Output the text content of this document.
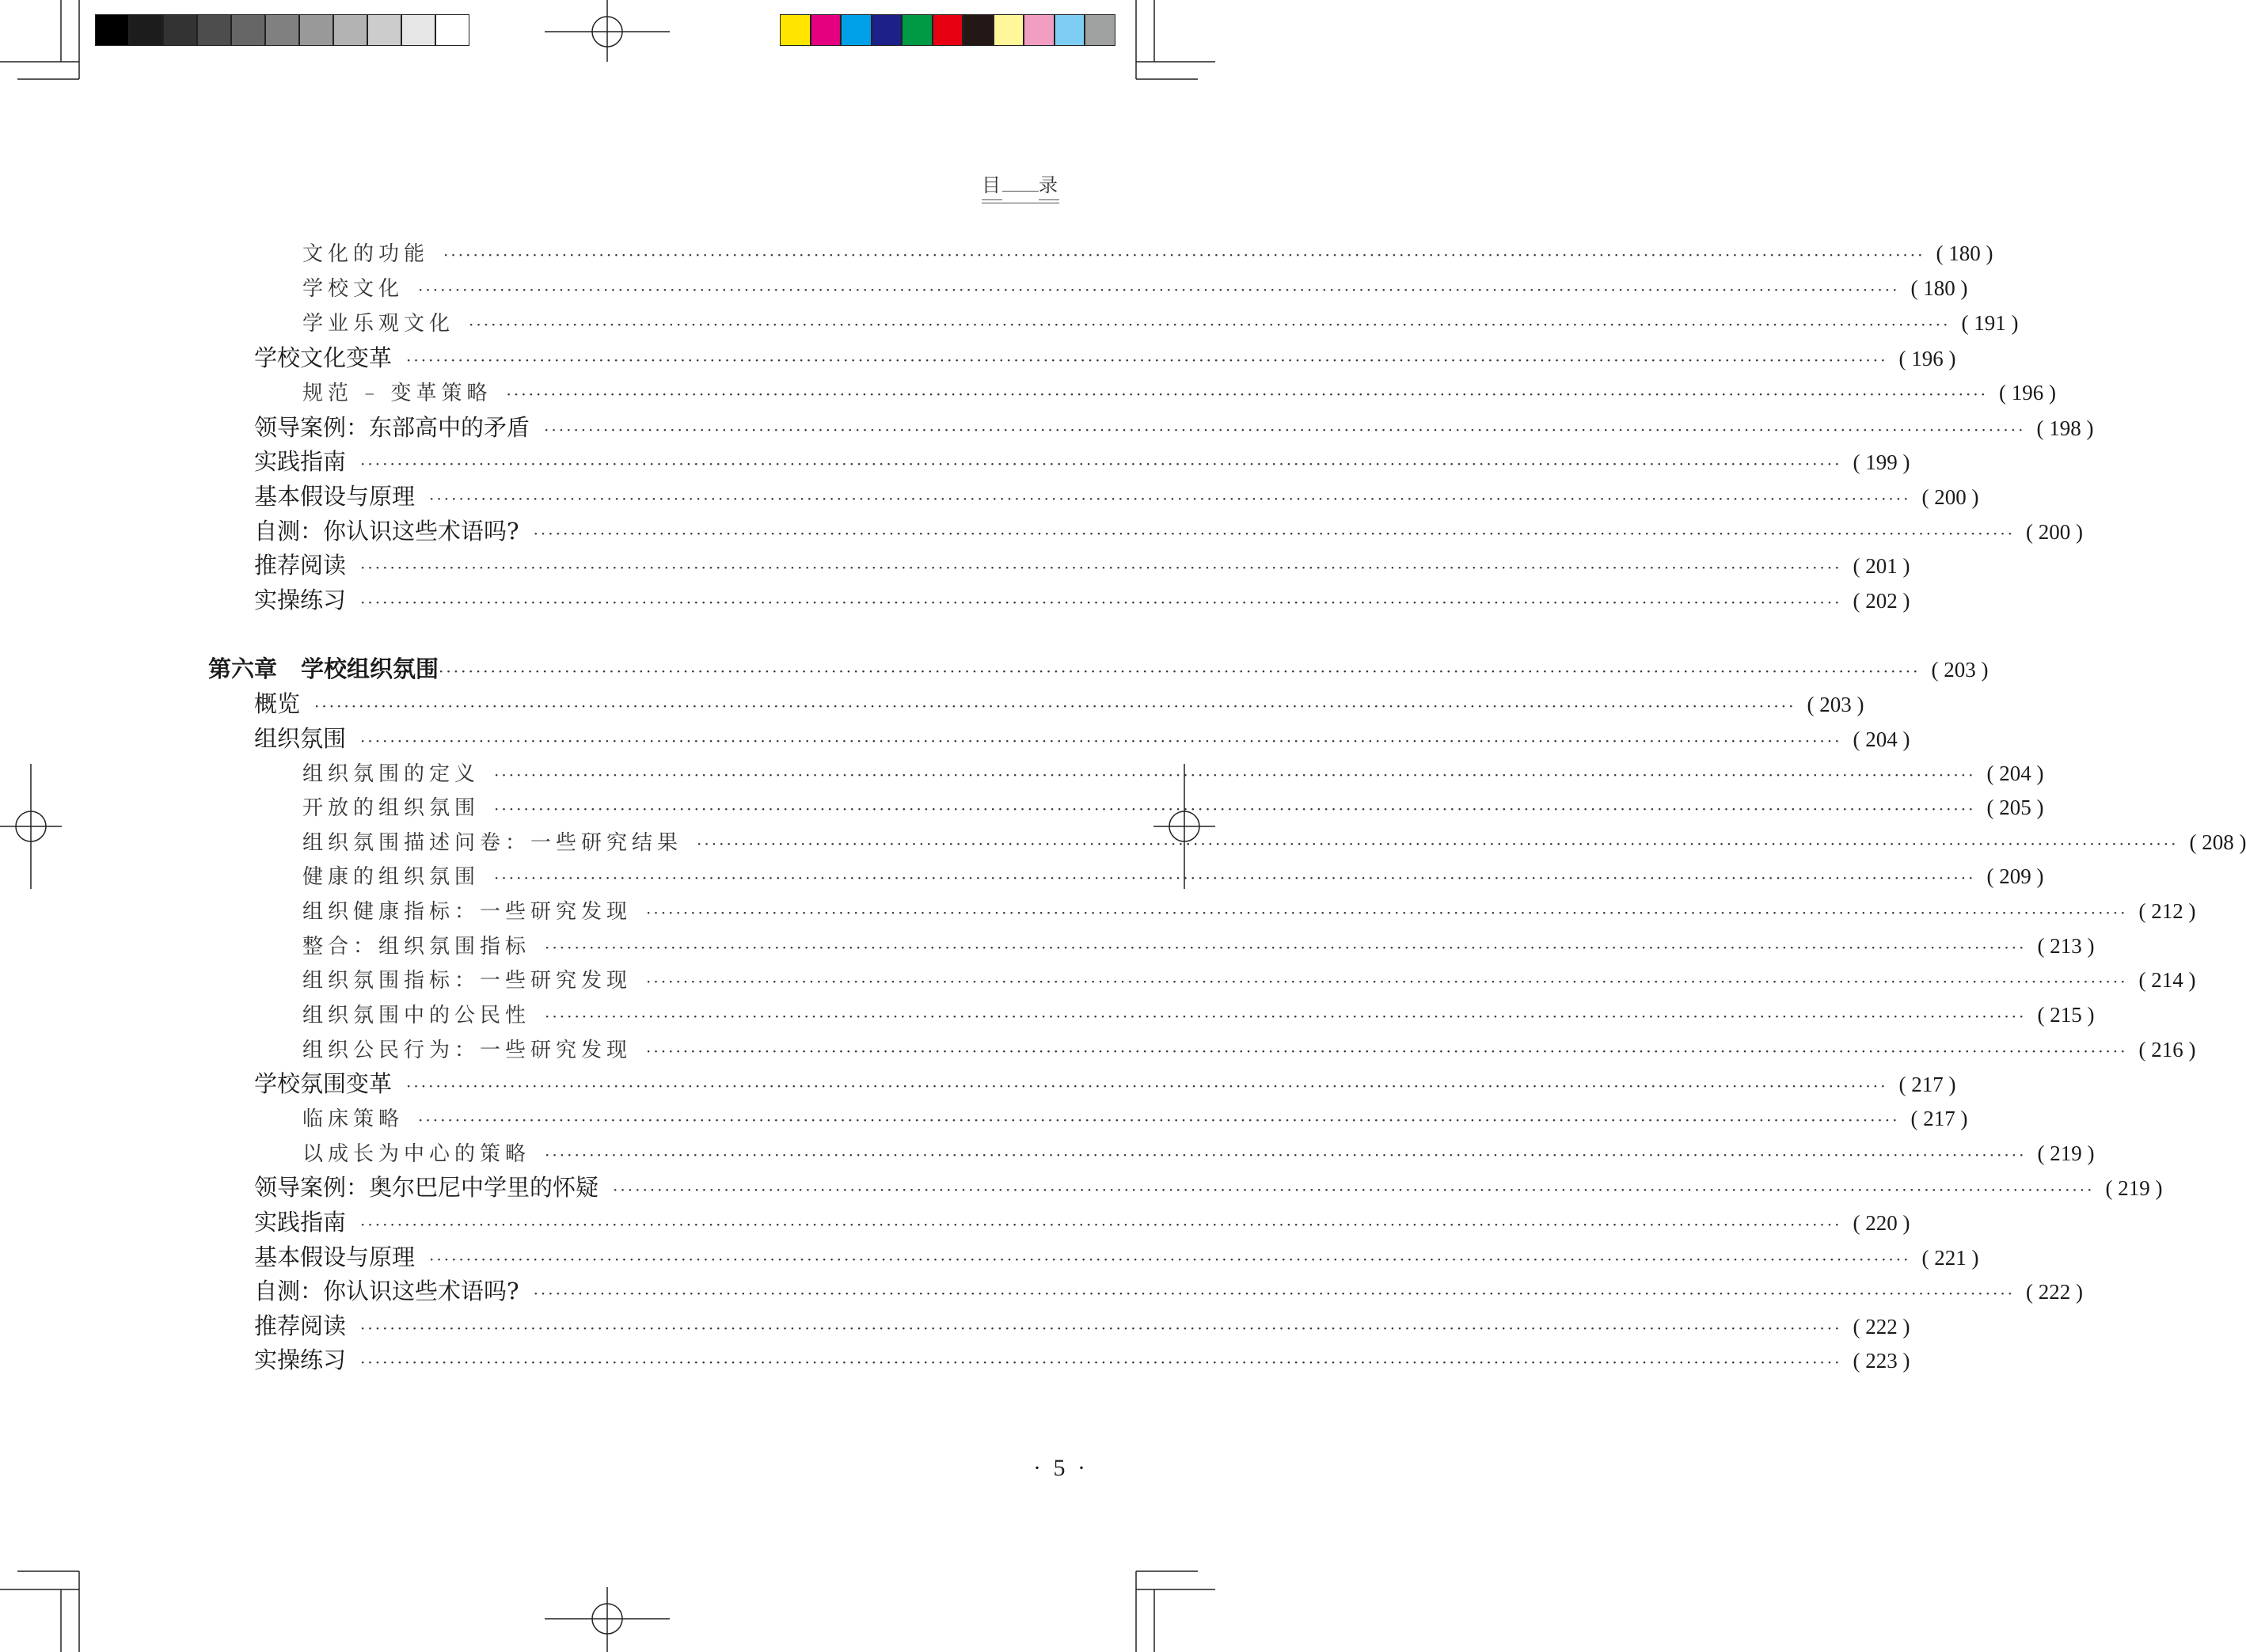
目 录
文化的功能 ········································································································································································································ ( 180 )
学校文化 ········································································································································································································ ( 180 )
学业乐观文化 ········································································································································································································ ( 191 )
学校文化变革 ········································································································································································································ ( 196 )
规范 – 变革策略 ········································································································································································································ ( 196 )
领导案例：东部高中的矛盾 ········································································································································································································ ( 198 )
实践指南 ········································································································································································································ ( 199 )
基本假设与原理 ········································································································································································································ ( 200 )
自测：你认识这些术语吗? ········································································································································································································ ( 200 )
推荐阅读 ········································································································································································································ ( 201 )
实操练习 ········································································································································································································ ( 202 )
第六章 学校组织氛围 ········································································································································································································ ( 203 )
概览 ········································································································································································································ ( 203 )
组织氛围 ········································································································································································································ ( 204 )
组织氛围的定义 ········································································································································································································ ( 204 )
开放的组织氛围 ········································································································································································································ ( 205 )
组织氛围描述问卷：一些研究结果 ········································································································································································································ ( 208 )
健康的组织氛围 ········································································································································································································ ( 209 )
组织健康指标：一些研究发现 ········································································································································································································ ( 212 )
整合：组织氛围指标 ········································································································································································································ ( 213 )
组织氛围指标：一些研究发现 ········································································································································································································ ( 214 )
组织氛围中的公民性 ········································································································································································································ ( 215 )
组织公民行为：一些研究发现 ········································································································································································································ ( 216 )
学校氛围变革 ········································································································································································································ ( 217 )
临床策略 ········································································································································································································ ( 217 )
以成长为中心的策略 ········································································································································································································ ( 219 )
领导案例：奥尔巴尼中学里的怀疑 ········································································································································································································ ( 219 )
实践指南 ········································································································································································································ ( 220 )
基本假设与原理 ········································································································································································································ ( 221 )
自测：你认识这些术语吗? ········································································································································································································ ( 222 )
推荐阅读 ········································································································································································································ ( 222 )
实操练习 ········································································································································································································ ( 223 )
· 5 ·
